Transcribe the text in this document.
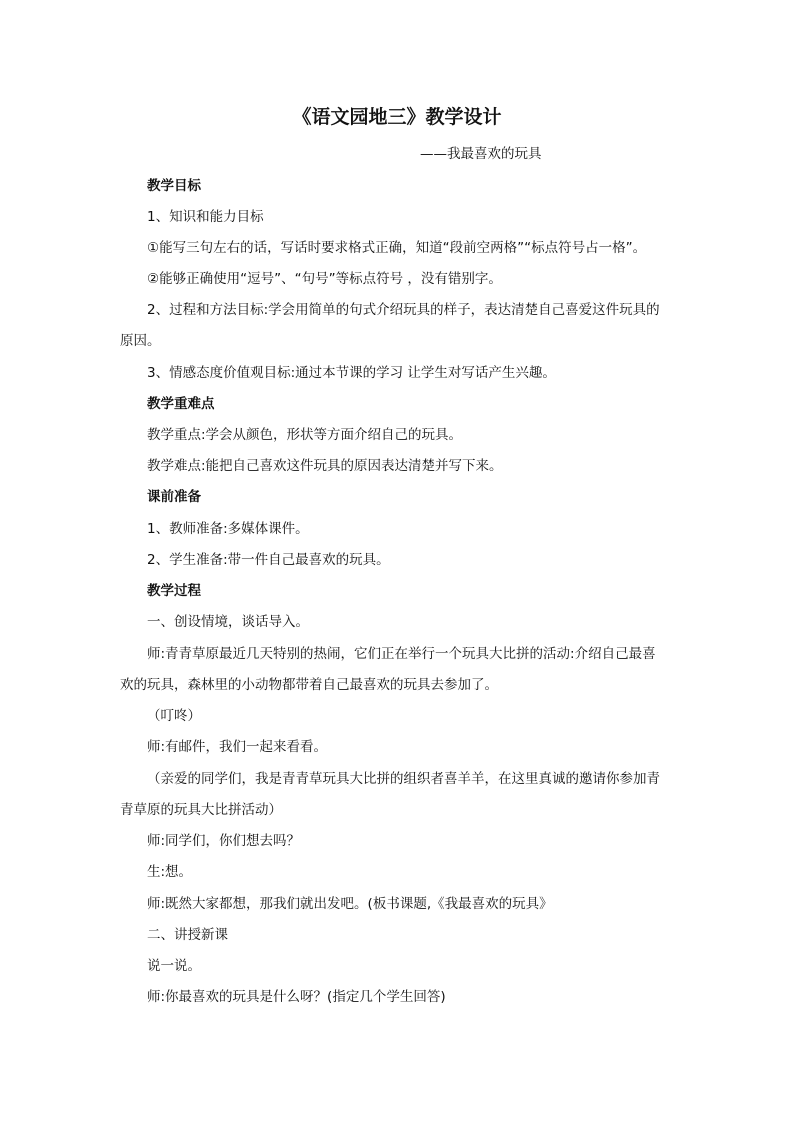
《语文园地三》教学设计
——我最喜欢的玩具
教学目标
1、知识和能力目标
①能写三句左右的话，写话时要求格式正确，知道“段前空两格”“标点符号占一格”。
②能够正确使用“逗号”、“句号”等标点符号 ，没有错别字。
2、过程和方法目标:学会用简单的句式介绍玩具的样子，表达清楚自己喜爱这件玩具的
原因。
3、情感态度价值观目标:通过本节课的学习 让学生对写话产生兴趣。
教学重难点
教学重点:学会从颜色，形状等方面介绍自己的玩具。
教学难点:能把自己喜欢这件玩具的原因表达清楚并写下来。
课前准备
1、教师准备:多媒体课件。
2、学生准备:带一件自己最喜欢的玩具。
教学过程
一、创设情境，谈话导入。
师:青青草原最近几天特别的热闹，它们正在举行一个玩具大比拼的活动:介绍自己最喜
欢的玩具，森林里的小动物都带着自己最喜欢的玩具去参加了。
（叮咚）
师:有邮件，我们一起来看看。
（亲爱的同学们，我是青青草玩具大比拼的组织者喜羊羊，在这里真诚的邀请你参加青
青草原的玩具大比拼活动）
师:同学们，你们想去吗？
生:想。
师:既然大家都想，那我们就出发吧。(板书课题,《我最喜欢的玩具》
二、讲授新课
说一说。
师:你最喜欢的玩具是什么呀？(指定几个学生回答)
